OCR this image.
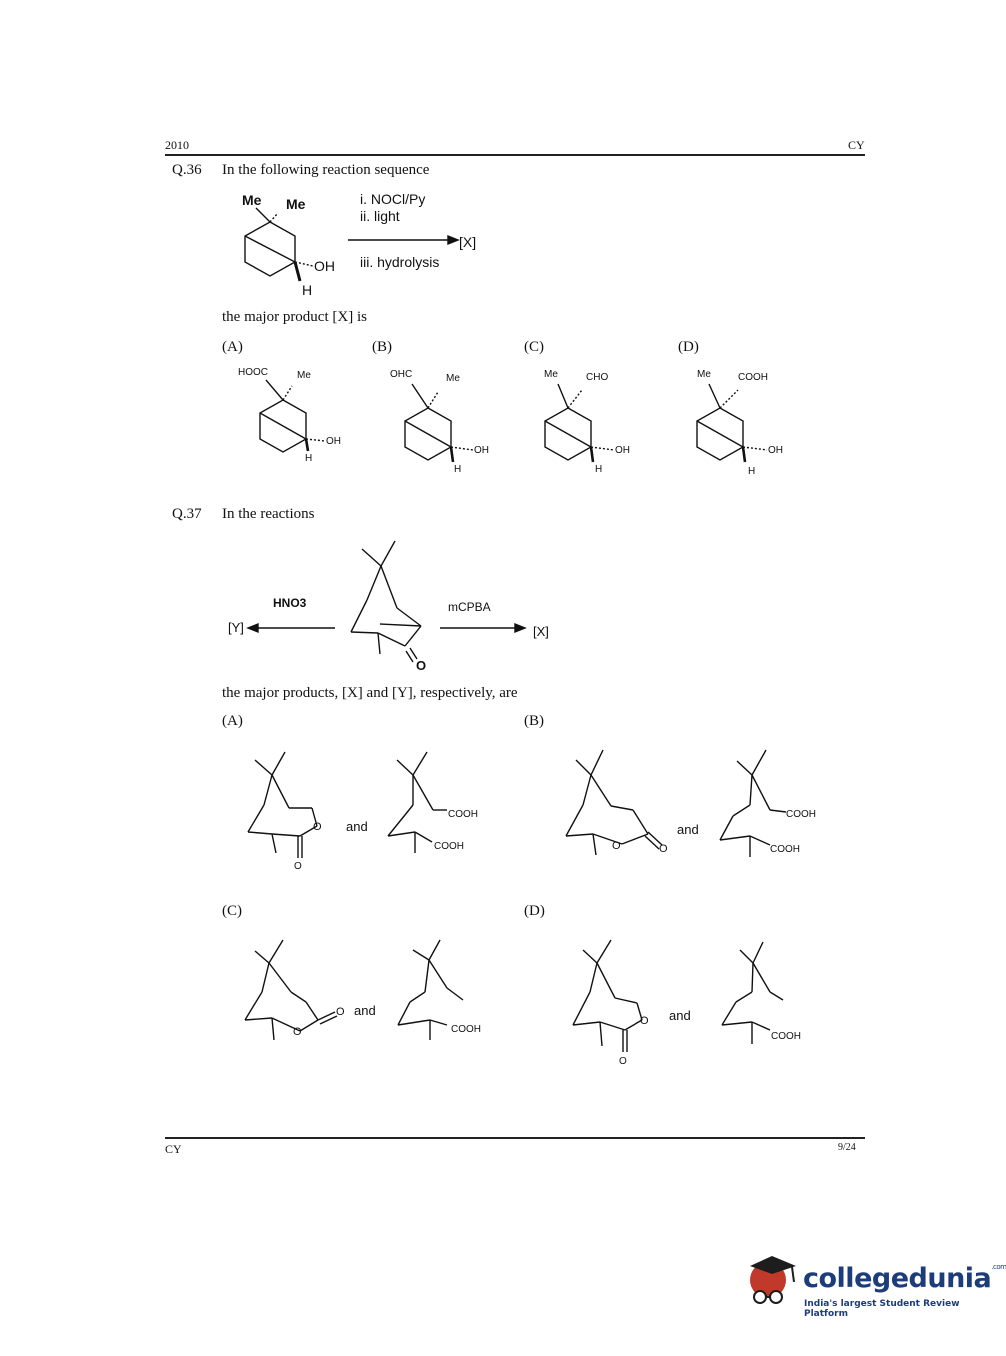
2010	CY
Q.36 In the following reaction sequence
the major product [X] is
(A)	(B)	(C)	(D)
Q.37 In the reactions
the major products, [X] and [Y], respectively, are
(A)	(B)
(C)	(D)
Me Me
OH
H
i. NOCl/Py
ii. light
iii. hydrolysis
[X]
HOOC	Me
OH
H
OHC	Me
OH
H
Me	CHO
OH
H
Me	COOH
OH
H
HNO3	mCPBA
[Y]	[X]
O
O
O
and
COOH
COOH	O	O
and
COOH
COOH
O
O and
COOH
O
O
and
COOH
CY	9/24
collegedunia$^{.com}$
India's largest Student Review Platform
